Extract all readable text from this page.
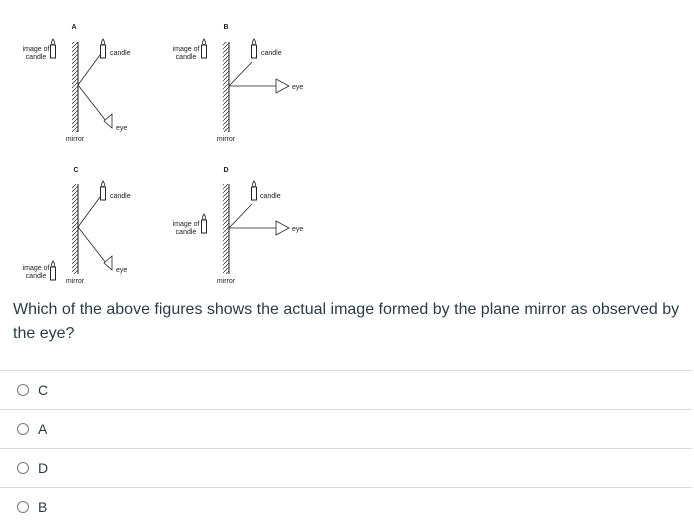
A
mirror
image of
candle
candle
eye
B
mirror
image of
candle
candle
eye
C
mirror
image of
candle
candle
eye
D
mirror
image of
candle
candle
eye

Which of the above figures shows the actual image formed by the plane mirror as observed by the eye?

C
A
D
B
